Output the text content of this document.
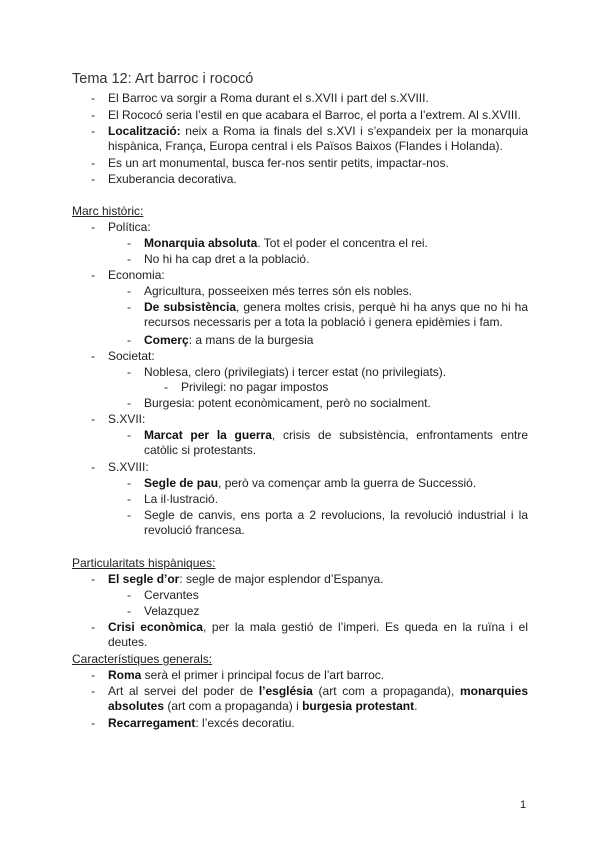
Tema 12: Art barroc i rococó
- El Barroc va sorgir a Roma durant el s.XVII i part del s.XVIII.
- El Rococó seria l’estil en que acabara el Barroc, el porta a l’extrem. Al s.XVIII.
- Localització: neix a Roma ia finals del s.XVI i s’expandeix per la monarquia hispànica, França, Europa central i els Països Baixos (Flandes i Holanda).
- Es un art monumental, busca fer-nos sentir petits, impactar-nos.
- Exuberancia decorativa.
Marc històric:
- Política:
- Monarquia absoluta. Tot el poder el concentra el rei.
- No hi ha cap dret a la població.
- Economia:
- Agricultura, posseeixen més terres són els nobles.
- De subsistència, genera moltes crisis, perquè hi ha anys que no hi ha recursos necessaris per a tota la població i genera epidèmies i fam.
- Comerç: a mans de la burgesia
- Societat:
- Noblesa, clero (privilegiats) i tercer estat (no privilegiats).
- Privilegi: no pagar impostos
- Burgesia: potent econòmicament, però no socialment.
- S.XVII:
- Marcat per la guerra, crisis de subsistència, enfrontaments entre catòlic si protestants.
- S.XVIII:
- Segle de pau, però va començar amb la guerra de Successió.
- La il·lustració.
- Segle de canvis, ens porta a 2 revolucions, la revolució industrial i la revolució francesa.
Particularitats hispàniques:
- El segle d’or: segle de major esplendor d’Espanya.
- Cervantes
- Velazquez
- Crisi econòmica, per la mala gestió de l’imperi. Es queda en la ruïna i el deutes.
Característiques generals:
- Roma serà el primer i principal focus de l’art barroc.
- Art al servei del poder de l’església (art com a propaganda), monarquies absolutes (art com a propaganda) i burgesia protestant.
- Recarregament: l’excés decoratiu.
1
